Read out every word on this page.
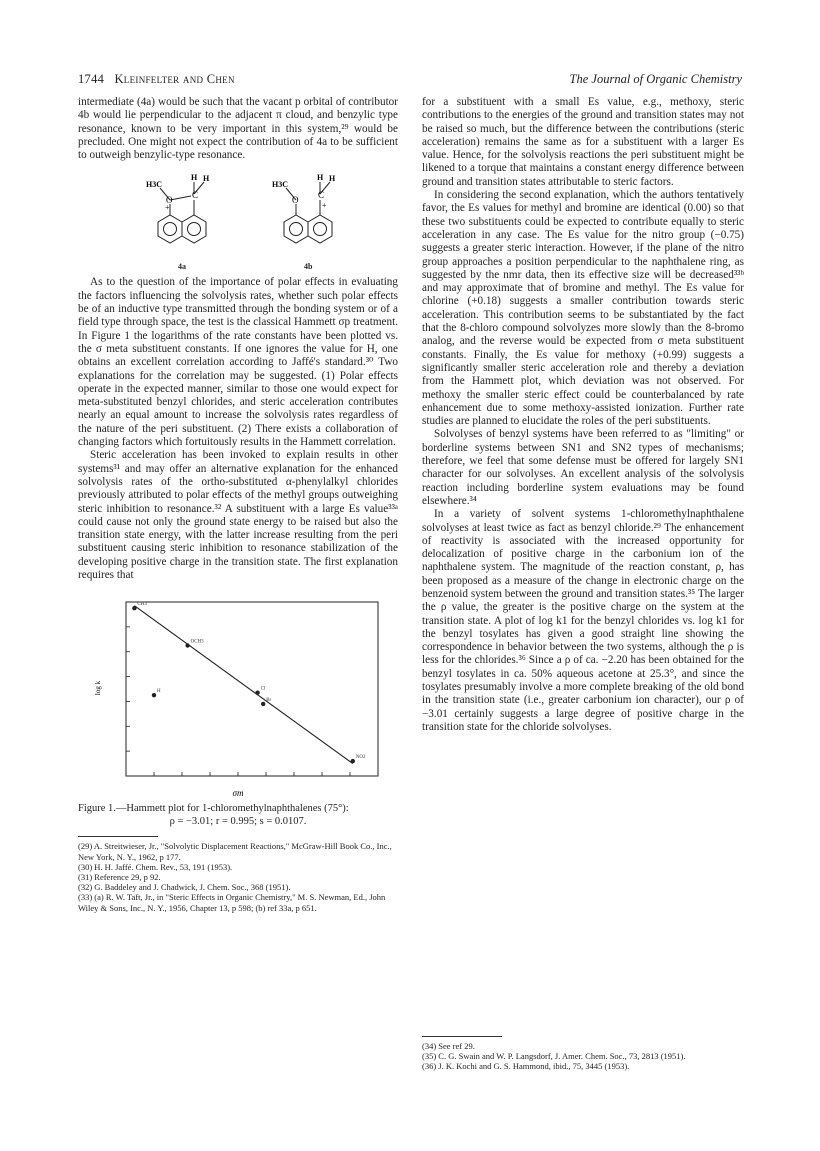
1744 Kleinfelter and Chen	The Journal of Organic Chemistry

intermediate (4a) would be such that the vacant p orbital of contributor 4b would lie perpendicular to the adjacent π cloud, and benzylic type resonance, known to be very important in this system,²⁹ would be precluded. One might not expect the contribution of 4a to be sufficient to outweigh benzylic-type resonance.

O
+
C
H3C
H H
4a
O C
+
H3C
H H
4b

As to the question of the importance of polar effects in evaluating the factors influencing the solvolysis rates, whether such polar effects be of an inductive type transmitted through the bonding system or of a field type through space, the test is the classical Hammett σp treatment. In Figure 1 the logarithms of the rate constants have been plotted vs. the σ meta substituent constants. If one ignores the value for H, one obtains an excellent correlation according to Jaffé's standard.³⁰ Two explanations for the correlation may be suggested. (1) Polar effects operate in the expected manner, similar to those one would expect for meta-substituted benzyl chlorides, and steric acceleration contributes nearly an equal amount to increase the solvolysis rates regardless of the nature of the peri substituent. (2) There exists a collaboration of changing factors which fortuitously results in the Hammett correlation.

Steric acceleration has been invoked to explain results in other systems³¹ and may offer an alternative explanation for the enhanced solvolysis rates of the ortho-substituted α-phenylalkyl chlorides previously attributed to polar effects of the methyl groups outweighing steric inhibition to resonance.³² A substituent with a large Es value³³ᵃ could cause not only the ground state energy to be raised but also the transition state energy, with the latter increase resulting from the peri substituent causing steric inhibition to resonance stabilization of the developing positive charge in the transition state. The first explanation requires that

CH3
OCH3
H
Br
Cl
NO2
σm
log k
Figure 1.—Hammett plot for 1-chloromethylnaphthalenes (75°):
ρ = −3.01; r = 0.995; s = 0.0107.
(29) A. Streitwieser, Jr., "Solvolytic Displacement Reactions," McGraw-Hill Book Co., Inc., New York, N. Y., 1962, p 177.
(30) H. H. Jaffé. Chem. Rev., 53, 191 (1953).
(31) Reference 29, p 92.
(32) G. Baddeley and J. Chadwick, J. Chem. Soc., 368 (1951).
(33) (a) R. W. Taft, Jr., in "Steric Effects in Organic Chemistry," M. S. Newman, Ed., John Wiley & Sons, Inc., N. Y., 1956, Chapter 13, p 598; (b) ref 33a, p 651.

for a substituent with a small Es value, e.g., methoxy, steric contributions to the energies of the ground and transition states may not be raised so much, but the difference between the contributions (steric acceleration) remains the same as for a substituent with a larger Es value. Hence, for the solvolysis reactions the peri substituent might be likened to a torque that maintains a constant energy difference between ground and transition states attributable to steric factors.

In considering the second explanation, which the authors tentatively favor, the Es values for methyl and bromine are identical (0.00) so that these two substituents could be expected to contribute equally to steric acceleration in any case. The Es value for the nitro group (−0.75) suggests a greater steric interaction. However, if the plane of the nitro group approaches a position perpendicular to the naphthalene ring, as suggested by the nmr data, then its effective size will be decreased³³ᵇ and may approximate that of bromine and methyl. The Es value for chlorine (+0.18) suggests a smaller contribution towards steric acceleration. This contribution seems to be substantiated by the fact that the 8-chloro compound solvolyzes more slowly than the 8-bromo analog, and the reverse would be expected from σ meta substituent constants. Finally, the Es value for methoxy (+0.99) suggests a significantly smaller steric acceleration role and thereby a deviation from the Hammett plot, which deviation was not observed. For methoxy the smaller steric effect could be counterbalanced by rate enhancement due to some methoxy-assisted ionization. Further rate studies are planned to elucidate the roles of the peri substituents.

Solvolyses of benzyl systems have been referred to as "limiting" or borderline systems between SN1 and SN2 types of mechanisms; therefore, we feel that some defense must be offered for largely SN1 character for our solvolyses. An excellent analysis of the solvolysis reaction including borderline system evaluations may be found elsewhere.³⁴

In a variety of solvent systems 1-chloromethylnaphthalene solvolyses at least twice as fact as benzyl chloride.²⁹ The enhancement of reactivity is associated with the increased opportunity for delocalization of positive charge in the carbonium ion of the naphthalene system. The magnitude of the reaction constant, ρ, has been proposed as a measure of the change in electronic charge on the benzenoid system between the ground and transition states.³⁵ The larger the ρ value, the greater is the positive charge on the system at the transition state. A plot of log k1 for the benzyl chlorides vs. log k1 for the benzyl tosylates has given a good straight line showing the correspondence in behavior between the two systems, although the ρ is less for the chlorides.³⁶ Since a ρ of ca. −2.20 has been obtained for the benzyl tosylates in ca. 50% aqueous acetone at 25.3°, and since the tosylates presumably involve a more complete breaking of the old bond in the transition state (i.e., greater carbonium ion character), our ρ of −3.01 certainly suggests a large degree of positive charge in the transition state for the chloride solvolyses.

(34) See ref 29.
(35) C. G. Swain and W. P. Langsdorf, J. Amer. Chem. Soc., 73, 2813 (1951).
(36) J. K. Kochi and G. S. Hammond, ibid., 75, 3445 (1953).
